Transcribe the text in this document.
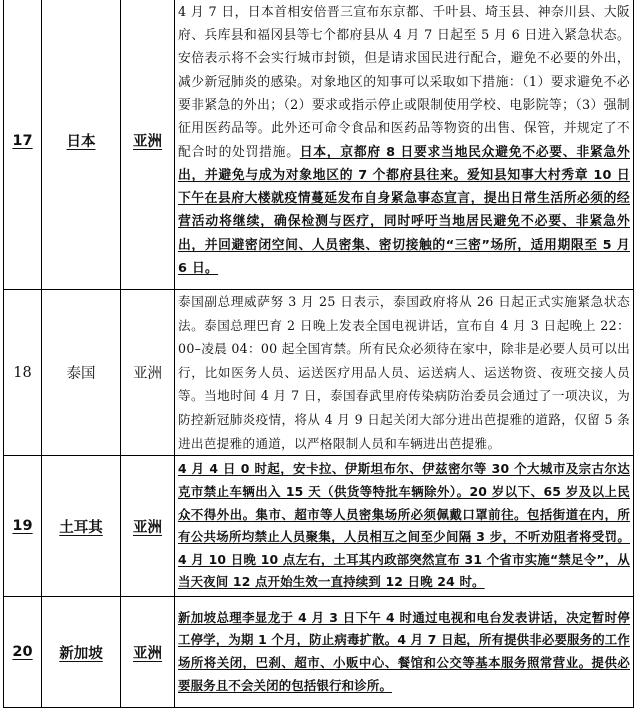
17	日本	亚洲	4 月 7 日，日本首相安倍晋三宣布东京都、千叶县、埼玉县、神奈川县、大阪府、兵库县和福冈县等七个都府县从 4 月 7 日起至 5 月 6 日进入紧急状态。安倍表示将不会实行城市封锁，但是请求国民进行配合，避免不必要的外出，减少新冠肺炎的感染。对象地区的知事可以采取如下措施：（1）要求避免不必要非紧急的外出；（2）要求或指示停止或限制使用学校、电影院等；（3）强制征用医药品等。此外还可命令食品和医药品等物资的出售、保管，并规定了不配合时的处罚措施。日本，京都府 8 日要求当地民众避免不必要、非紧急外出，并避免与成为对象地区的 7 个都府县往来。爱知县知事大村秀章 10 日下午在县府大楼就疫情蔓延发布自身紧急事态宣言，提出日常生活所必须的经营活动将继续，确保检测与医疗，同时呼吁当地居民避免不必要、非紧急外出，并回避密闭空间、人员密集、密切接触的“三密”场所，适用期限至 5 月 6 日。
18	泰国	亚洲	泰国副总理威萨努 3 月 25 日表示，泰国政府将从 26 日起正式实施紧急状态法。泰国总理巴育 2 日晚上发表全国电视讲话，宣布自 4 月 3 日起晚上 22：00–凌晨 04：00 起全国宵禁。所有民众必须待在家中，除非是必要人员可以出行，比如医务人员、运送医疗用品人员、运送病人、运送物资、夜班交接人员等。当地时间 4 月 7 日，泰国春武里府传染病防治委员会通过了一项决议，为防控新冠肺炎疫情，将从 4 月 9 日起关闭大部分进出芭提雅的道路，仅留 5 条进出芭提雅的通道，以严格限制人员和车辆进出芭提雅。
19	土耳其	亚洲	4 月 4 日 0 时起，安卡拉、伊斯坦布尔、伊兹密尔等 30 个大城市及宗古尔达克市禁止车辆出入 15 天（供货等特批车辆除外）。20 岁以下、65 岁及以上民众不得外出。集市、超市等人员密集场所必须佩戴口罩前往。包括街道在内，所有公共场所均禁止人员聚集，人员相互之间至少间隔 3 步，不听劝阻者将受罚。4 月 10 日晚 10 点左右，土耳其内政部突然宣布 31 个省市实施“禁足令”，从当天夜间 12 点开始生效一直持续到 12 日晚 24 时。
20	新加坡	亚洲	新加坡总理李显龙于 4 月 3 日下午 4 时通过电视和电台发表讲话，决定暂时停工停学，为期 1 个月，防止病毒扩散。4 月 7 日起，所有提供非必要服务的工作场所将关闭，巴刹、超市、小贩中心、餐馆和公交等基本服务照常营业。提供必要服务且不会关闭的包括银行和诊所。
